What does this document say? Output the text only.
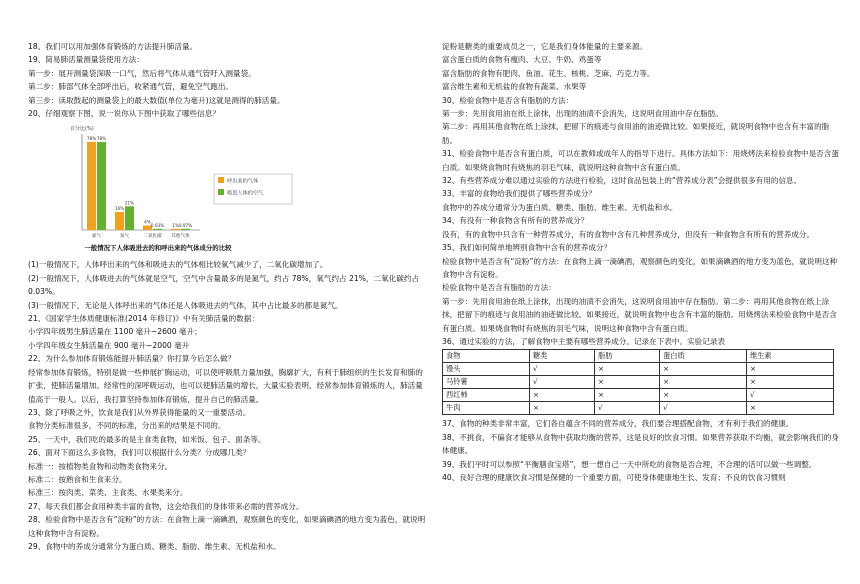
18、我们可以用加强体育锻炼的方法提升肺活量。

19、简易肺活量测量袋使用方法：

第一步：展开测量袋深吸一口气，然后将气体从通气管吁入测量袋。

第二步：肺部气体全部呼出后，收紧通气管，避免空气跑出。

第三步：读取鼓起的测量袋上的最大数值(单位为毫升)这就是测得的肺活量。

20、仔细观察下图，说一说你从下图中获取了哪些信息？

百分比(%)
78% 78%
氮气
16%
21%
氧气
4%
0.03%
二氧化碳
1% 0.97%
其他气体
呼出来的气体
吸进人体的空气
一般情况下人体吸进去的和呼出来的气体成分的比较

(1)一般情况下，人体呼出来的气体和吸进去的气体相比较氧气减少了，二氧化碳增加了。

(2)一般情况下，人体吸进去的气体就是空气，空气中含量最多的是氮气，约占 78%，氧气约占 21%，二氧化碳约占 0.03%。

(3)一般情况下，无论是人体呼出来的气体还是人体吸进去的气体，其中占比最多的都是氮气。

21、《国家学生体质健康标准(2014 年修订)》中有关肺活量的数据：

小学四年级男生肺活量在 1100 毫升~2600 毫升；

小学四年级女生肺活量在 900 毫升~2000 毫升

22、为什么参加体育锻炼能提升肺活量？你打算今后怎么做？

经常参加体育锻炼，特别是做一些伸展扩胸运动，可以使呼吸肌力量加强，胸廓扩大，有利于肺组织的生长发育和肺的扩张，使肺活量增加。经常性的深呼吸运动，也可以使肺活量的增长，大量实验表明，经常参加体育锻炼的人，肺活量值高于一般人。以后，我打算坚持参加体育锻炼，提升自己的肺活量。

23、除了呼吸之外，饮食是我们从外界获得能量的又一重要活动。

食物分类标准很多，不同的标准，分出来的结果是不同的。

25、一天中，我们吃的最多的是主食类食物，如米饭、包子、面条等。

26、面对下面这么多食物，我们可以根据什么分类？分成哪几类？

标准一：按植物类食物和动物类食物来分。

标准二：按熟食和生食来分。

标准三：按肉类、菜类、主食类、水果类来分。

27、每天我们都会食用种类丰富的食物，这会给我们的身体带来必需的营养成分。

28、检验食物中是否含有“淀粉”的方法：在食物上滴一滴碘酒，观察颜色的变化，如果滴碘酒的地方变为蓝色，就说明这种食物中含有淀粉。

29、食物中的养成分通常分为蛋白质、糖类、脂肪、维生素、无机盐和水。

淀粉是糖类的重要成员之一，它是我们身体能量的主要来源。

富含蛋白质的食物有瘦肉、大豆、牛奶、鸡蛋等

富含脂肪的食物有肥肉、鱼油、花生、核桃、芝麻、巧克力等。

富含维生素和无机盐的食物有蔬菜、水果等

30、检验食物中是否含有脂肪的方法：

第一步：先用食用油在纸上涂抹，出现的油渍不会消失，这说明食用油中存在脂肪。

第二步：再用其他食物在纸上涂抹，把留下的痕迹与食用油的油迹做比较。如果接近，就说明食物中也含有丰富的脂肪。

31、检验食物中是否含有蛋白质，可以在教师或成年人的指导下进行。具体方法如下：用烧烤法来检验食物中是否含蛋白质。如果烧食物时有烧焦的羽毛气味，就说明这种食物中含有蛋白质。

32、有些营养成分难以通过实验的方法进行检验，这时食品包装上的“营养成分表”会提供很多有用的信息。

33、丰富的食物给我们提供了哪些营养成分？

食物中的养成分通常分为蛋白质、糖类、脂肪、维生素、无机盐和水。

34、有没有一种食物含有所有的营养成分？

没有，有的食物中只含有一种营养成分，有的食物中含有几种营养成分，但没有一种食物含有所有的营养成分。

35、我们如何简单地辨别食物中含有的营养成分？

检验食物中是否含有“淀粉”的方法：在食物上滴一滴碘酒，观察颜色的变化，如果滴碘酒的地方变为蓝色，就说明这种食物中含有淀粉。

检验食物中是否含有脂肪的方法：

第一步：先用食用油在纸上涂抹，出现的油渍不会消失，这说明食用油中存在脂肪。第二步：再用其他食物在纸上涂抹，把留下的痕迹与食用油的油迹做比较。如果接近，就说明食物中也含有丰富的脂肪。用烧烤法来检验食物中是否含有蛋白质。如果烧食物时有烧焦的羽毛气味，说明这种食物中含有蛋白质。

36、通过实验的方法，了解食物中主要有哪些营养成分。记录在下表中。实验记录表

食物	糖类	脂肪	蛋白质	维生素
馒头	√	×	×	×
马铃薯	√	×	×	×
西红柿	×	×	×	√
牛肉	×	√	√	×

37、食物的种类非常丰富，它们各自蕴含不同的营养成分，我们要合理搭配食物，才有利于我们的健康。

38、不挑食，不偏食才能够从食物中获取均衡的营养，这是良好的饮食习惯。如果营养获取不均衡，就会影响我们的身体健康。

39、我们平时可以参照“平衡膳食宝塔”，想一想自己一天中所吃的食物是否合理，不合理的话可以做一些调整。

40、良好合理的健康饮食习惯是保健的一个重要方面，可使身体健康地生长、发育；不良的饮食习惯则
